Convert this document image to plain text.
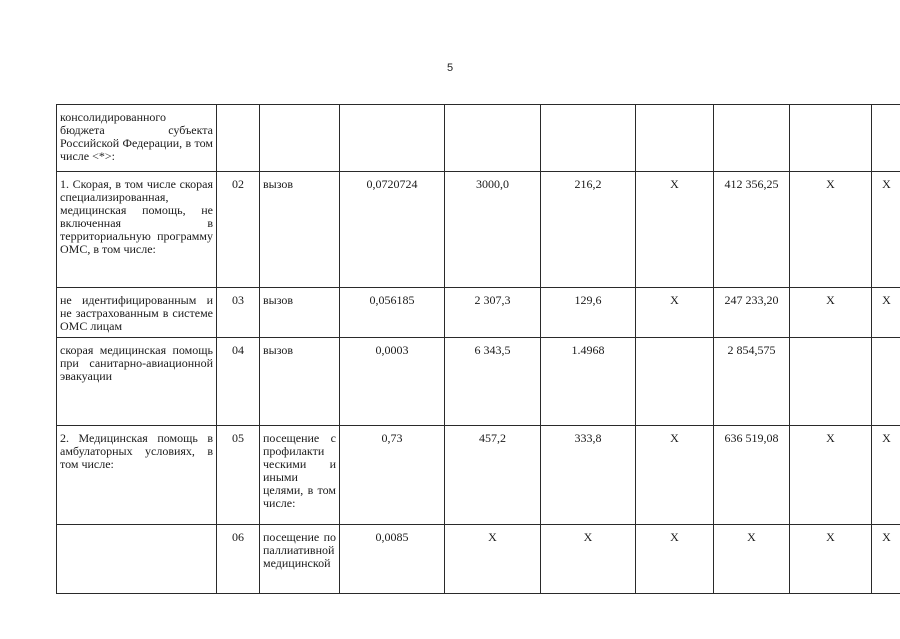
5
консолидированного бюджета субъекта Российской Федерации, в том числе <*>:									
1. Скорая, в том числе скорая специализированная, медицинская помощь, не включенная в территориальную программу ОМС, в том числе:	02	вызов	0,0720724	3000,0	216,2	X	412 356,25	X	X
не идентифицированным и не застрахованным в системе ОМС лицам	03	вызов	0,056185	2 307,3	129,6	X	247 233,20	X	X
скорая медицинская помощь при санитарно-авиационной эвакуации	04	вызов	0,0003	6 343,5	1.4968		2 854,575		
2. Медицинская помощь в амбулаторных условиях, в том числе:	05	посещение с профилакти ческими и иными целями, в том числе:	0,73	457,2	333,8	X	636 519,08	X	X
	06	посещение по паллиативной медицинской	0,0085	X	X	X	X	X	X
